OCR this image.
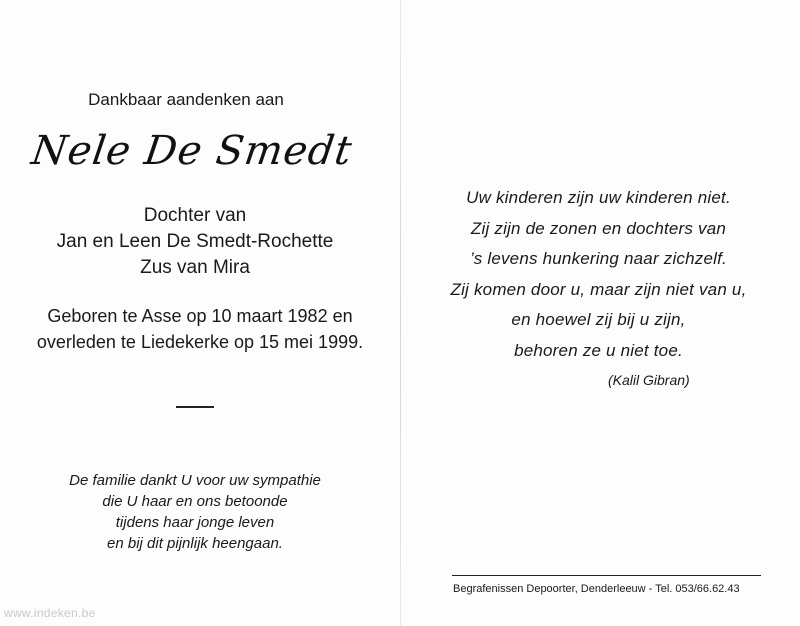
Dankbaar aandenken aan
Nele De Smedt
Dochter van
Jan en Leen De Smedt-Rochette
Zus van Mira
Geboren te Asse op 10 maart 1982 en
overleden te Liedekerke op 15 mei 1999.
De familie dankt U voor uw sympathie
die U haar en ons betoonde
tijdens haar jonge leven
en bij dit pijnlijk heengaan.
www.indeken.be
Uw kinderen zijn uw kinderen niet.
Zij zijn de zonen en dochters van
’s levens hunkering naar zichzelf.
Zij komen door u, maar zijn niet van u,
en hoewel zij bij u zijn,
behoren ze u niet toe.
(Kalil Gibran)
Begrafenissen Depoorter, Denderleeuw - Tel. 053/66.62.43
